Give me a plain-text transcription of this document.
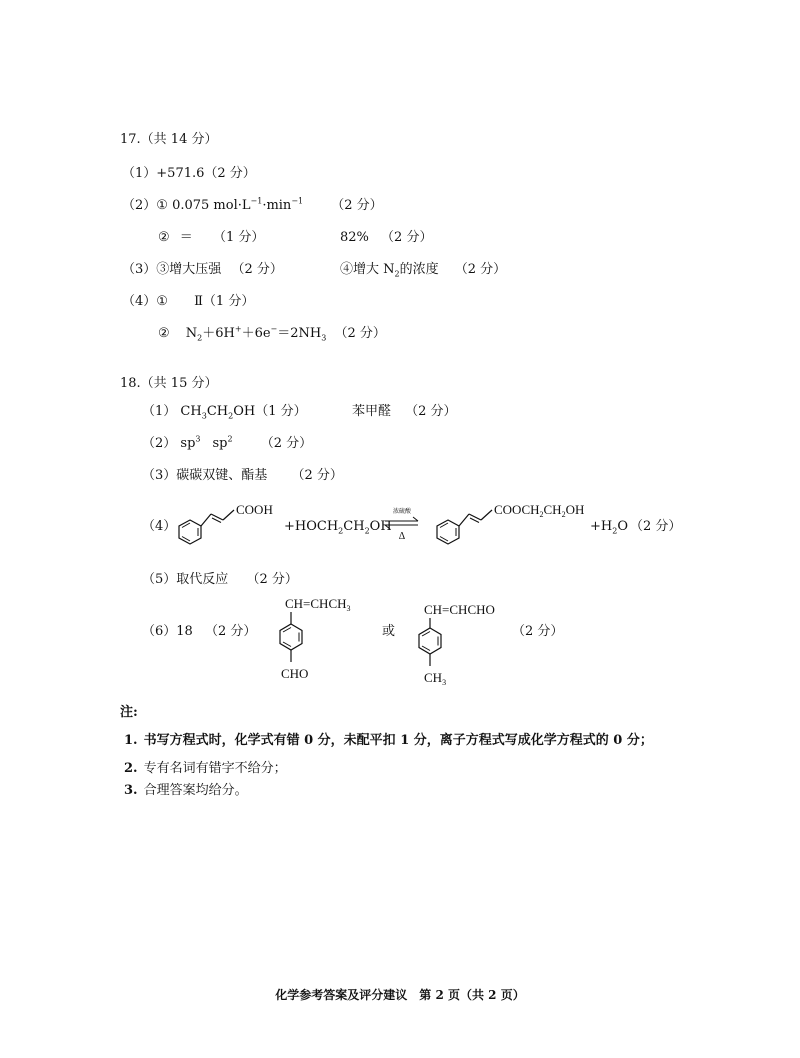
17.（共 14 分）
（1）+571.6（2 分）
（2）① 0.075 $mol\cdot L^{-1}\cdot\min^{-1}$ （2 分）
② ＝ （1 分）	82% （2 分）
（3）③增大压强 （2 分）	④增大 $N_2$的浓度 （2 分）
（4）① Ⅱ（1 分）
② $N_2+6H^++6e^-=2NH_3$ （2 分）
18.（共 15 分）
（1） $CH_3CH_2OH(1$ 分）	苯甲醛 （2 分）
（2） $sp^3$ $sp^2$ （2 分）
（3）碳碳双键、酯基 （2 分）
（4）
COOH
$+HOCH_2CH_2OH$
浓硫酸
Δ
$COOCH_2CH_2OH$
$+H_2O$ （2 分）
（5）取代反应 （2 分）
（6）18 （2 分）
$CH=CHCH_3$
CHO
或
CH=CHCHO
$CH_3$
（2 分）
注:
1. 书写方程式时，化学式有错 0 分，未配平扣 1 分，离子方程式写成化学方程式的 0 分；
2. 专有名词有错字不给分；
3. 合理答案均给分。
化学参考答案及评分建议　第 2 页（共 2 页）
